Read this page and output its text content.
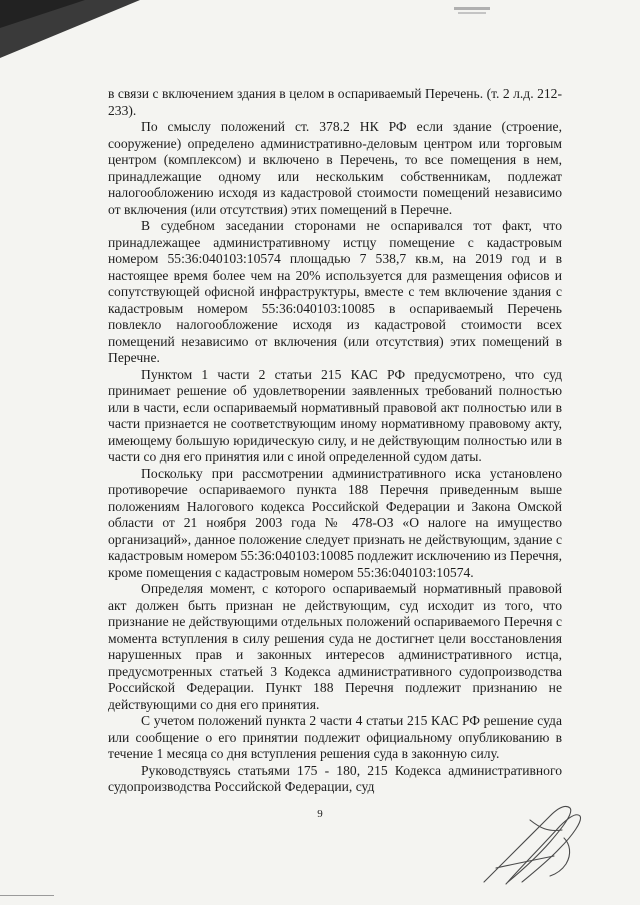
в связи с включением здания в целом в оспариваемый Перечень. (т. 2 л.д. 212-233).

По смыслу положений ст. 378.2 НК РФ если здание (строение, сооружение) определено административно-деловым центром или торговым центром (комплексом) и включено в Перечень, то все помещения в нем, принадлежащие одному или нескольким собственникам, подлежат налогообложению исходя из кадастровой стоимости помещений независимо от включения (или отсутствия) этих помещений в Перечне.

В судебном заседании сторонами не оспаривался тот факт, что принадлежащее административному истцу помещение с кадастровым номером 55:36:040103:10574 площадью 7 538,7 кв.м, на 2019 год и в настоящее время более чем на 20% используется для размещения офисов и сопутствующей офисной инфраструктуры, вместе с тем включение здания с кадастровым номером 55:36:040103:10085 в оспариваемый Перечень повлекло налогообложение исходя из кадастровой стоимости всех помещений независимо от включения (или отсутствия) этих помещений в Перечне.

Пунктом 1 части 2 статьи 215 КАС РФ предусмотрено, что суд принимает решение об удовлетворении заявленных требований полностью или в части, если оспариваемый нормативный правовой акт полностью или в части признается не соответствующим иному нормативному правовому акту, имеющему большую юридическую силу, и не действующим полностью или в части со дня его принятия или с иной определенной судом даты.

Поскольку при рассмотрении административного иска установлено противоречие оспариваемого пункта 188 Перечня приведенным выше положениям Налогового кодекса Российской Федерации и Закона Омской области от 21 ноября 2003 года № 478-ОЗ «О налоге на имущество организаций», данное положение следует признать не действующим, здание с кадастровым номером 55:36:040103:10085 подлежит исключению из Перечня, кроме помещения с кадастровым номером 55:36:040103:10574.

Определяя момент, с которого оспариваемый нормативный правовой акт должен быть признан не действующим, суд исходит из того, что признание не действующими отдельных положений оспариваемого Перечня с момента вступления в силу решения суда не достигнет цели восстановления нарушенных прав и законных интересов административного истца, предусмотренных статьей 3 Кодекса административного судопроизводства Российской Федерации. Пункт 188 Перечня подлежит признанию не действующими со дня его принятия.

С учетом положений пункта 2 части 4 статьи 215 КАС РФ решение суда или сообщение о его принятии подлежит официальному опубликованию в течение 1 месяца со дня вступления решения суда в законную силу.

Руководствуясь статьями 175 - 180, 215 Кодекса административного судопроизводства Российской Федерации, суд

9
